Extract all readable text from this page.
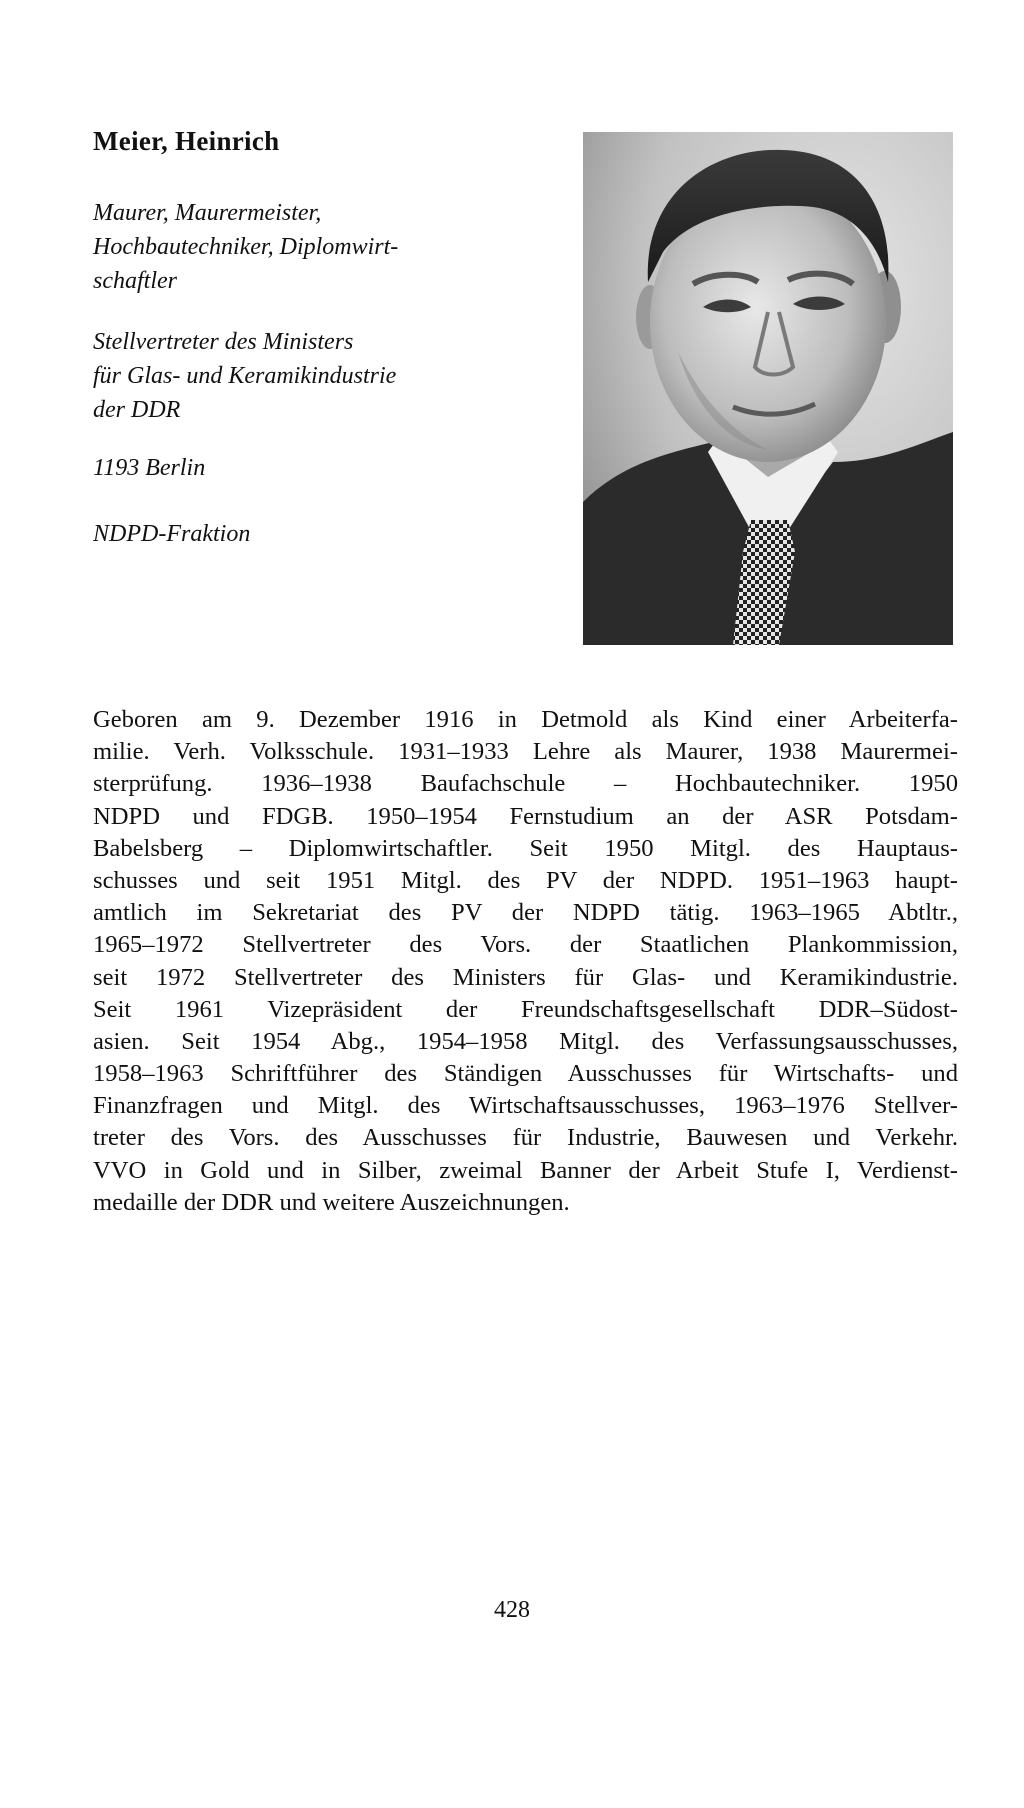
Meier, Heinrich

Maurer, Maurermeister,
Hochbautechniker, Diplomwirt-
schaftler

Stellvertreter des Ministers
für Glas- und Keramikindustrie
der DDR

1193 Berlin

NDPD-Fraktion

Geboren am 9. Dezember 1916 in Detmold als Kind einer Arbeiterfa-
milie. Verh. Volksschule. 1931–1933 Lehre als Maurer, 1938 Maurermei-
sterprüfung. 1936–1938 Baufachschule – Hochbautechniker. 1950
NDPD und FDGB. 1950–1954 Fernstudium an der ASR Potsdam-
Babelsberg – Diplomwirtschaftler. Seit 1950 Mitgl. des Hauptaus-
schusses und seit 1951 Mitgl. des PV der NDPD. 1951–1963 haupt-
amtlich im Sekretariat des PV der NDPD tätig. 1963–1965 Abtltr.,
1965–1972 Stellvertreter des Vors. der Staatlichen Plankommission,
seit 1972 Stellvertreter des Ministers für Glas- und Keramikindustrie.
Seit 1961 Vizepräsident der Freundschaftsgesellschaft DDR–Südost-
asien. Seit 1954 Abg., 1954–1958 Mitgl. des Verfassungsausschusses,
1958–1963 Schriftführer des Ständigen Ausschusses für Wirtschafts- und
Finanzfragen und Mitgl. des Wirtschaftsausschusses, 1963–1976 Stellver-
treter des Vors. des Ausschusses für Industrie, Bauwesen und Verkehr.
VVO in Gold und in Silber, zweimal Banner der Arbeit Stufe I, Verdienst-
medaille der DDR und weitere Auszeichnungen.
428
